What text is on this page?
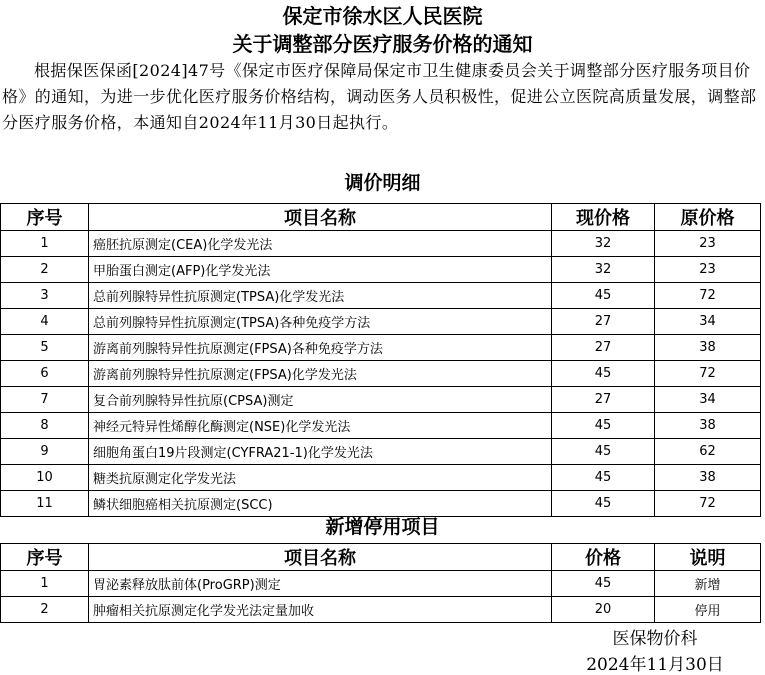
保定市徐水区人民医院
关于调整部分医疗服务价格的通知
根据保医保函[2024]47号《保定市医疗保障局保定市卫生健康委员会关于调整部分医疗服务项目价格》的通知，为进一步优化医疗服务价格结构，调动医务人员积极性，促进公立医院高质量发展，调整部分医疗服务价格，本通知自2024年11月30日起执行。
调价明细
序号	项目名称	现价格	原价格
1	癌胚抗原测定(CEA)化学发光法	32	23
2	甲胎蛋白测定(AFP)化学发光法	32	23
3	总前列腺特异性抗原测定(TPSA)化学发光法	45	72
4	总前列腺特异性抗原测定(TPSA)各种免疫学方法	27	34
5	游离前列腺特异性抗原测定(FPSA)各种免疫学方法	27	38
6	游离前列腺特异性抗原测定(FPSA)化学发光法	45	72
7	复合前列腺特异性抗原(CPSA)测定	27	34
8	神经元特异性烯醇化酶测定(NSE)化学发光法	45	38
9	细胞角蛋白19片段测定(CYFRA21-1)化学发光法	45	62
10	糖类抗原测定化学发光法	45	38
11	鳞状细胞癌相关抗原测定(SCC)	45	72
新增停用项目
序号	项目名称	价格	说明
1	胃泌素释放肽前体(ProGRP)测定	45	新增
2	肿瘤相关抗原测定化学发光法定量加收	20	停用
医保物价科
2024年11月30日
